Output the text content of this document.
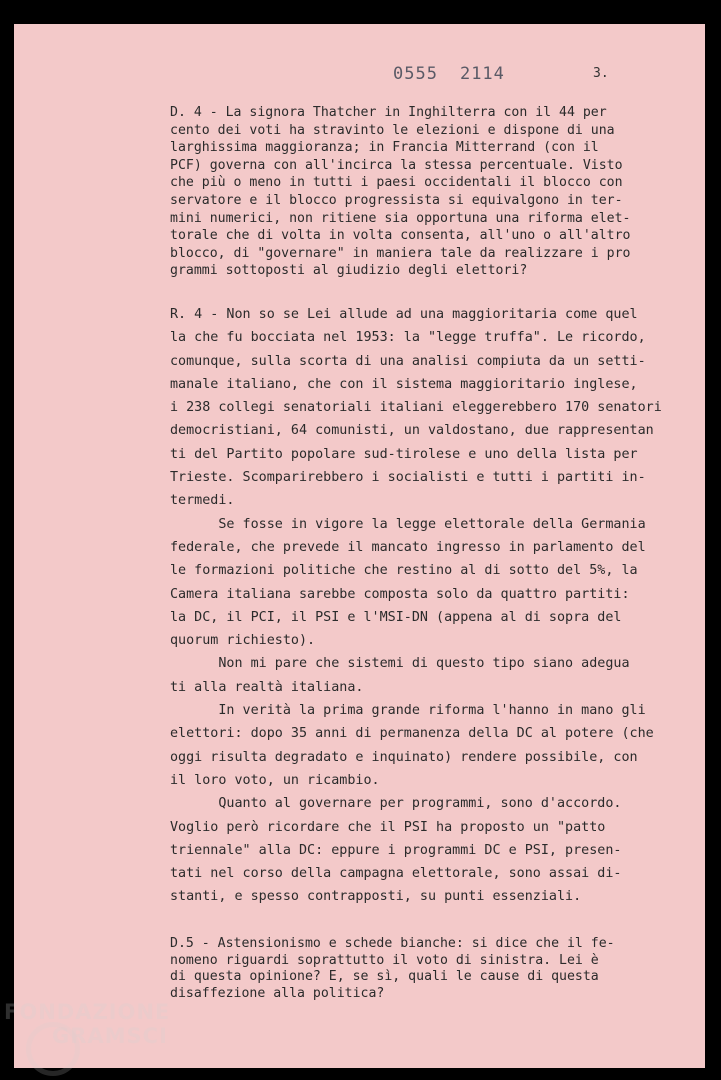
0555 2114	3.
D. 4 - La signora Thatcher in Inghilterra con il 44 per
cento dei voti ha stravinto le elezioni e dispone di una
larghissima maggioranza; in Francia Mitterrand (con il
PCF) governa con all'incirca la stessa percentuale. Visto
che più o meno in tutti i paesi occidentali il blocco con
servatore e il blocco progressista si equivalgono in ter-
mini numerici, non ritiene sia opportuna una riforma elet-
torale che di volta in volta consenta, all'uno o all'altro
blocco, di "governare" in maniera tale da realizzare i pro
grammi sottoposti al giudizio degli elettori?
R. 4 - Non so se Lei allude ad una maggioritaria come quel
la che fu bocciata nel 1953: la "legge truffa". Le ricordo,
comunque, sulla scorta di una analisi compiuta da un setti-
manale italiano, che con il sistema maggioritario inglese,
i 238 collegi senatoriali italiani eleggerebbero 170 senatori
democristiani, 64 comunisti, un valdostano, due rappresentan
ti del Partito popolare sud-tirolese e uno della lista per
Trieste. Scomparirebbero i socialisti e tutti i partiti in-
termedi.
Se fosse in vigore la legge elettorale della Germania
federale, che prevede il mancato ingresso in parlamento del
le formazioni politiche che restino al di sotto del 5%, la
Camera italiana sarebbe composta solo da quattro partiti:
la DC, il PCI, il PSI e l'MSI-DN (appena al di sopra del
quorum richiesto).
Non mi pare che sistemi di questo tipo siano adegua
ti alla realtà italiana.
In verità la prima grande riforma l'hanno in mano gli
elettori: dopo 35 anni di permanenza della DC al potere (che
oggi risulta degradato e inquinato) rendere possibile, con
il loro voto, un ricambio.
Quanto al governare per programmi, sono d'accordo.
Voglio però ricordare che il PSI ha proposto un "patto
triennale" alla DC: eppure i programmi DC e PSI, presen-
tati nel corso della campagna elettorale, sono assai di-
stanti, e spesso contrapposti, su punti essenziali.
D.5 - Astensionismo e schede bianche: si dice che il fe-
nomeno riguardi soprattutto il voto di sinistra. Lei è
di questa opinione? E, se sì, quali le cause di questa
disaffezione alla politica?
FONDAZIONE
GRAMSCI
